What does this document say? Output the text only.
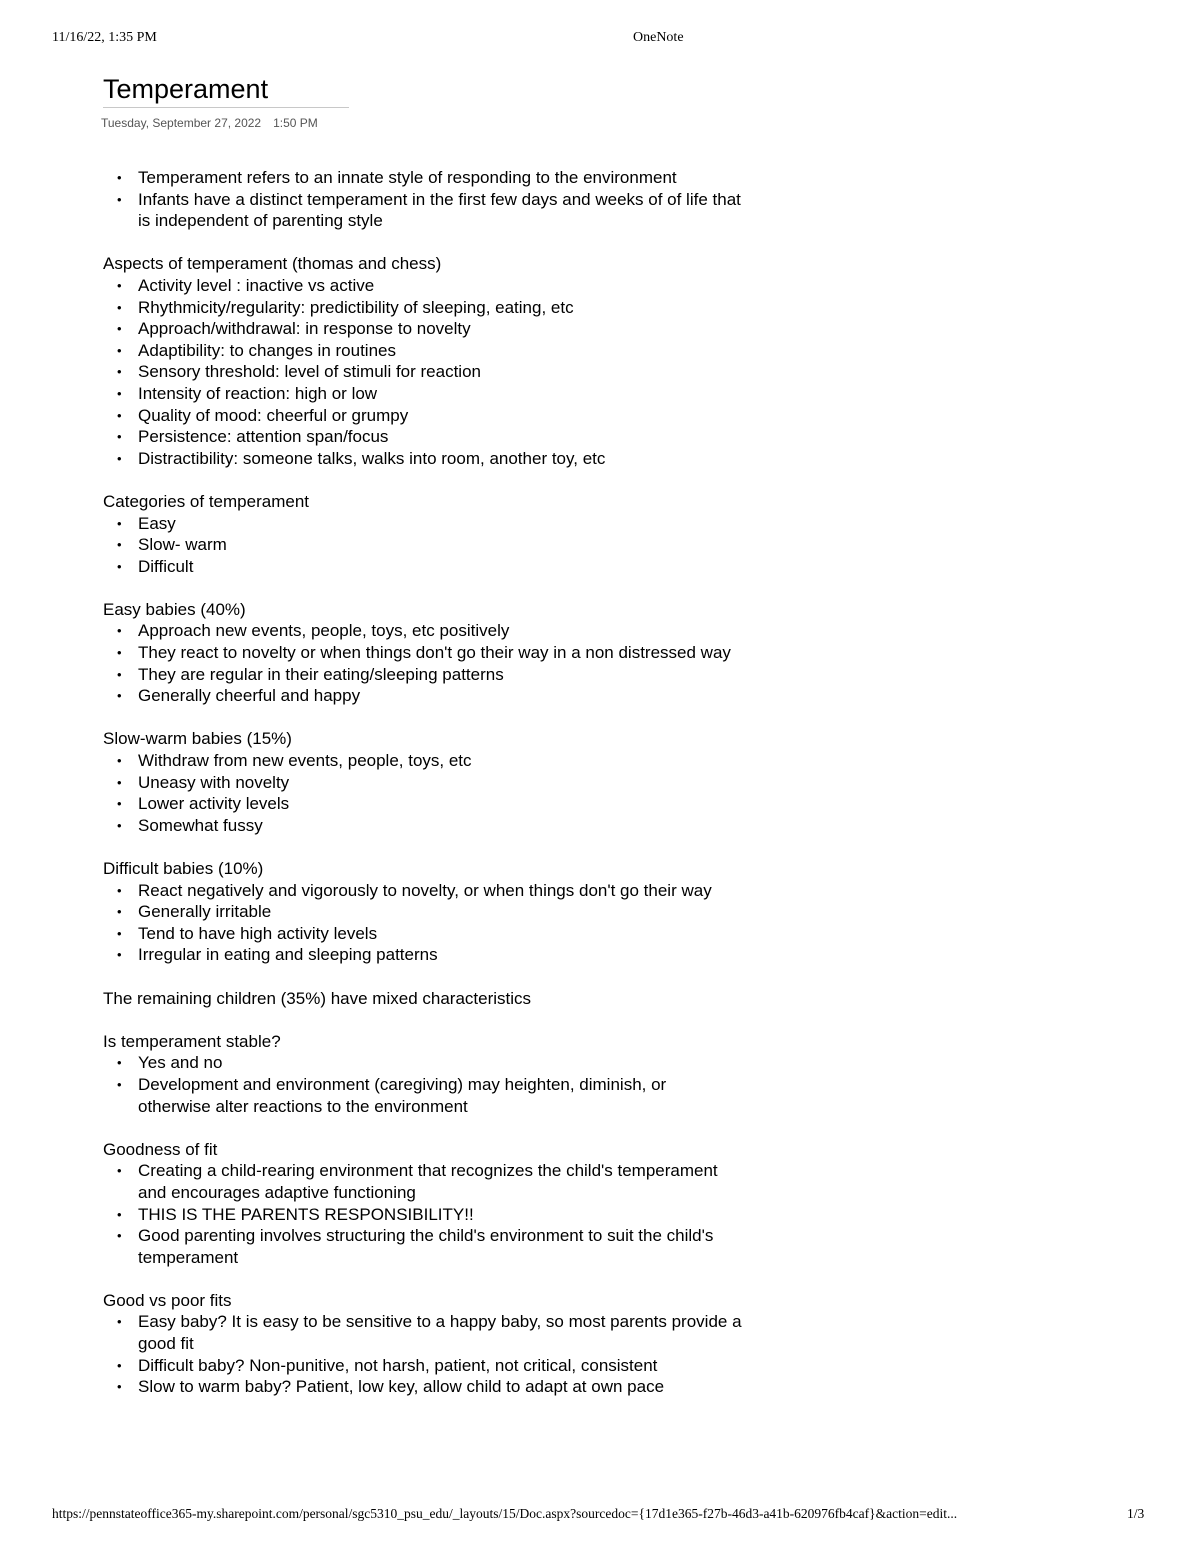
11/16/22, 1:35 PM	OneNote
Temperament
Tuesday, September 27, 2022 1:50 PM
• Temperament refers to an innate style of responding to the environment
• Infants have a distinct temperament in the first few days and weeks of of life that is independent of parenting style
Aspects of temperament (thomas and chess)
• Activity level : inactive vs active
• Rhythmicity/regularity: predictibility of sleeping, eating, etc
• Approach/withdrawal: in response to novelty
• Adaptibility: to changes in routines
• Sensory threshold: level of stimuli for reaction
• Intensity of reaction: high or low
• Quality of mood: cheerful or grumpy
• Persistence: attention span/focus
• Distractibility: someone talks, walks into room, another toy, etc
Categories of temperament
• Easy
• Slow- warm
• Difficult
Easy babies (40%)
• Approach new events, people, toys, etc positively
• They react to novelty or when things don't go their way in a non distressed way
• They are regular in their eating/sleeping patterns
• Generally cheerful and happy
Slow-warm babies (15%)
• Withdraw from new events, people, toys, etc
• Uneasy with novelty
• Lower activity levels
• Somewhat fussy
Difficult babies (10%)
• React negatively and vigorously to novelty, or when things don't go their way
• Generally irritable
• Tend to have high activity levels
• Irregular in eating and sleeping patterns
The remaining children (35%) have mixed characteristics
Is temperament stable?
• Yes and no
• Development and environment (caregiving) may heighten, diminish, or otherwise alter reactions to the environment
Goodness of fit
• Creating a child-rearing environment that recognizes the child's temperament and encourages adaptive functioning
• THIS IS THE PARENTS RESPONSIBILITY!!
• Good parenting involves structuring the child's environment to suit the child's temperament
Good vs poor fits
• Easy baby? It is easy to be sensitive to a happy baby, so most parents provide a good fit
• Difficult baby? Non-punitive, not harsh, patient, not critical, consistent
• Slow to warm baby? Patient, low key, allow child to adapt at own pace
https://pennstateoffice365-my.sharepoint.com/personal/sgc5310_psu_edu/_layouts/15/Doc.aspx?sourcedoc={17d1e365-f27b-46d3-a41b-620976fb4caf}&action=edit...	1/3
